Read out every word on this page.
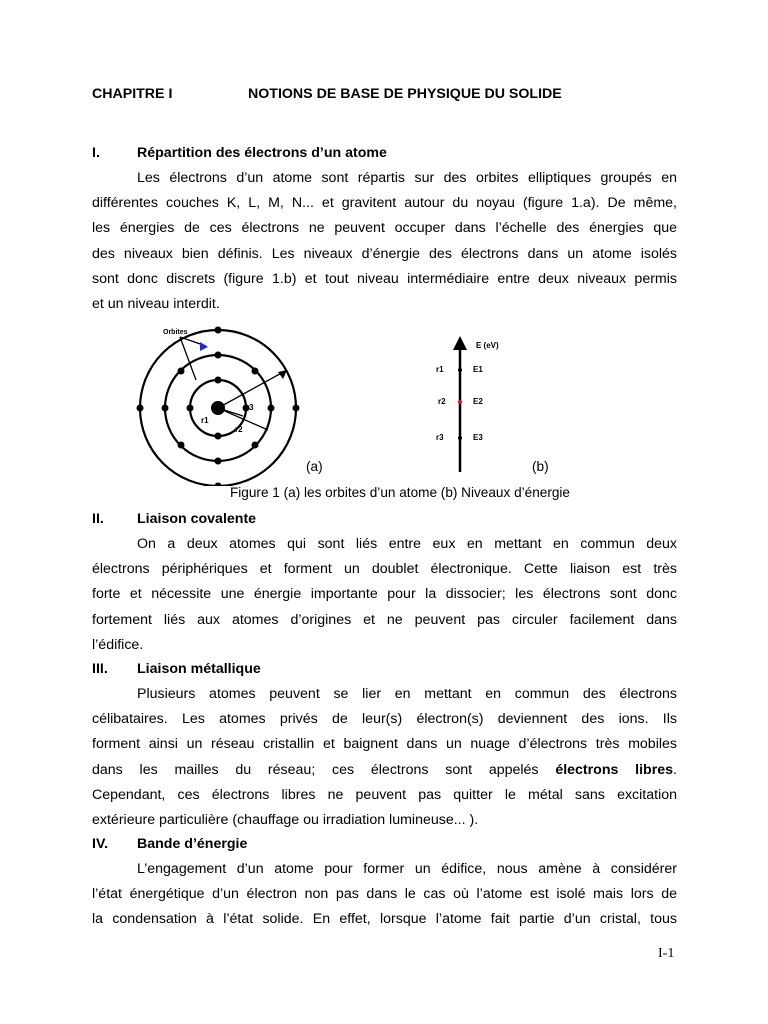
CHAPITRE I	NOTIONS DE BASE DE PHYSIQUE DU SOLIDE
I.	Répartition des électrons d’un atome
Les électrons d’un atome sont répartis sur des orbites elliptiques groupés en
différentes couches K, L, M, N... et gravitent autour du noyau (figure 1.a). De même,
les énergies de ces électrons ne peuvent occuper dans l’échelle des énergies que
des niveaux bien définis. Les niveaux d’énergie des électrons dans un atome isolés
sont donc discrets (figure 1.b) et tout niveau intermédiaire entre deux niveaux permis
et un niveau interdit.
r1
r2
r3
Orbites
E (eV)
r1	E1
r2	E2
r3	E3
(a)	(b)
Figure 1 (a) les orbites d’un atome (b) Niveaux d’énergie
II. Liaison covalente
On a deux atomes qui sont liés entre eux en mettant en commun deux
électrons périphériques et forment un doublet électronique. Cette liaison est très
forte et nécessite une énergie importante pour la dissocier; les électrons sont donc
fortement liés aux atomes d’origines et ne peuvent pas circuler facilement dans
l’édifice.
III. Liaison métallique
Plusieurs atomes peuvent se lier en mettant en commun des électrons
célibataires. Les atomes privés de leur(s) électron(s) deviennent des ions. Ils
forment ainsi un réseau cristallin et baignent dans un nuage d’électrons très mobiles
dans les mailles du réseau; ces électrons sont appelés électrons libres.
Cependant, ces électrons libres ne peuvent pas quitter le métal sans excitation
extérieure particulière (chauffage ou irradiation lumineuse... ).
IV. Bande d’énergie
L’engagement d’un atome pour former un édifice, nous amène à considérer
l’état énergétique d’un électron non pas dans le cas où l’atome est isolé mais lors de
la condensation à l’état solide. En effet, lorsque l’atome fait partie d’un cristal, tous
I-1
